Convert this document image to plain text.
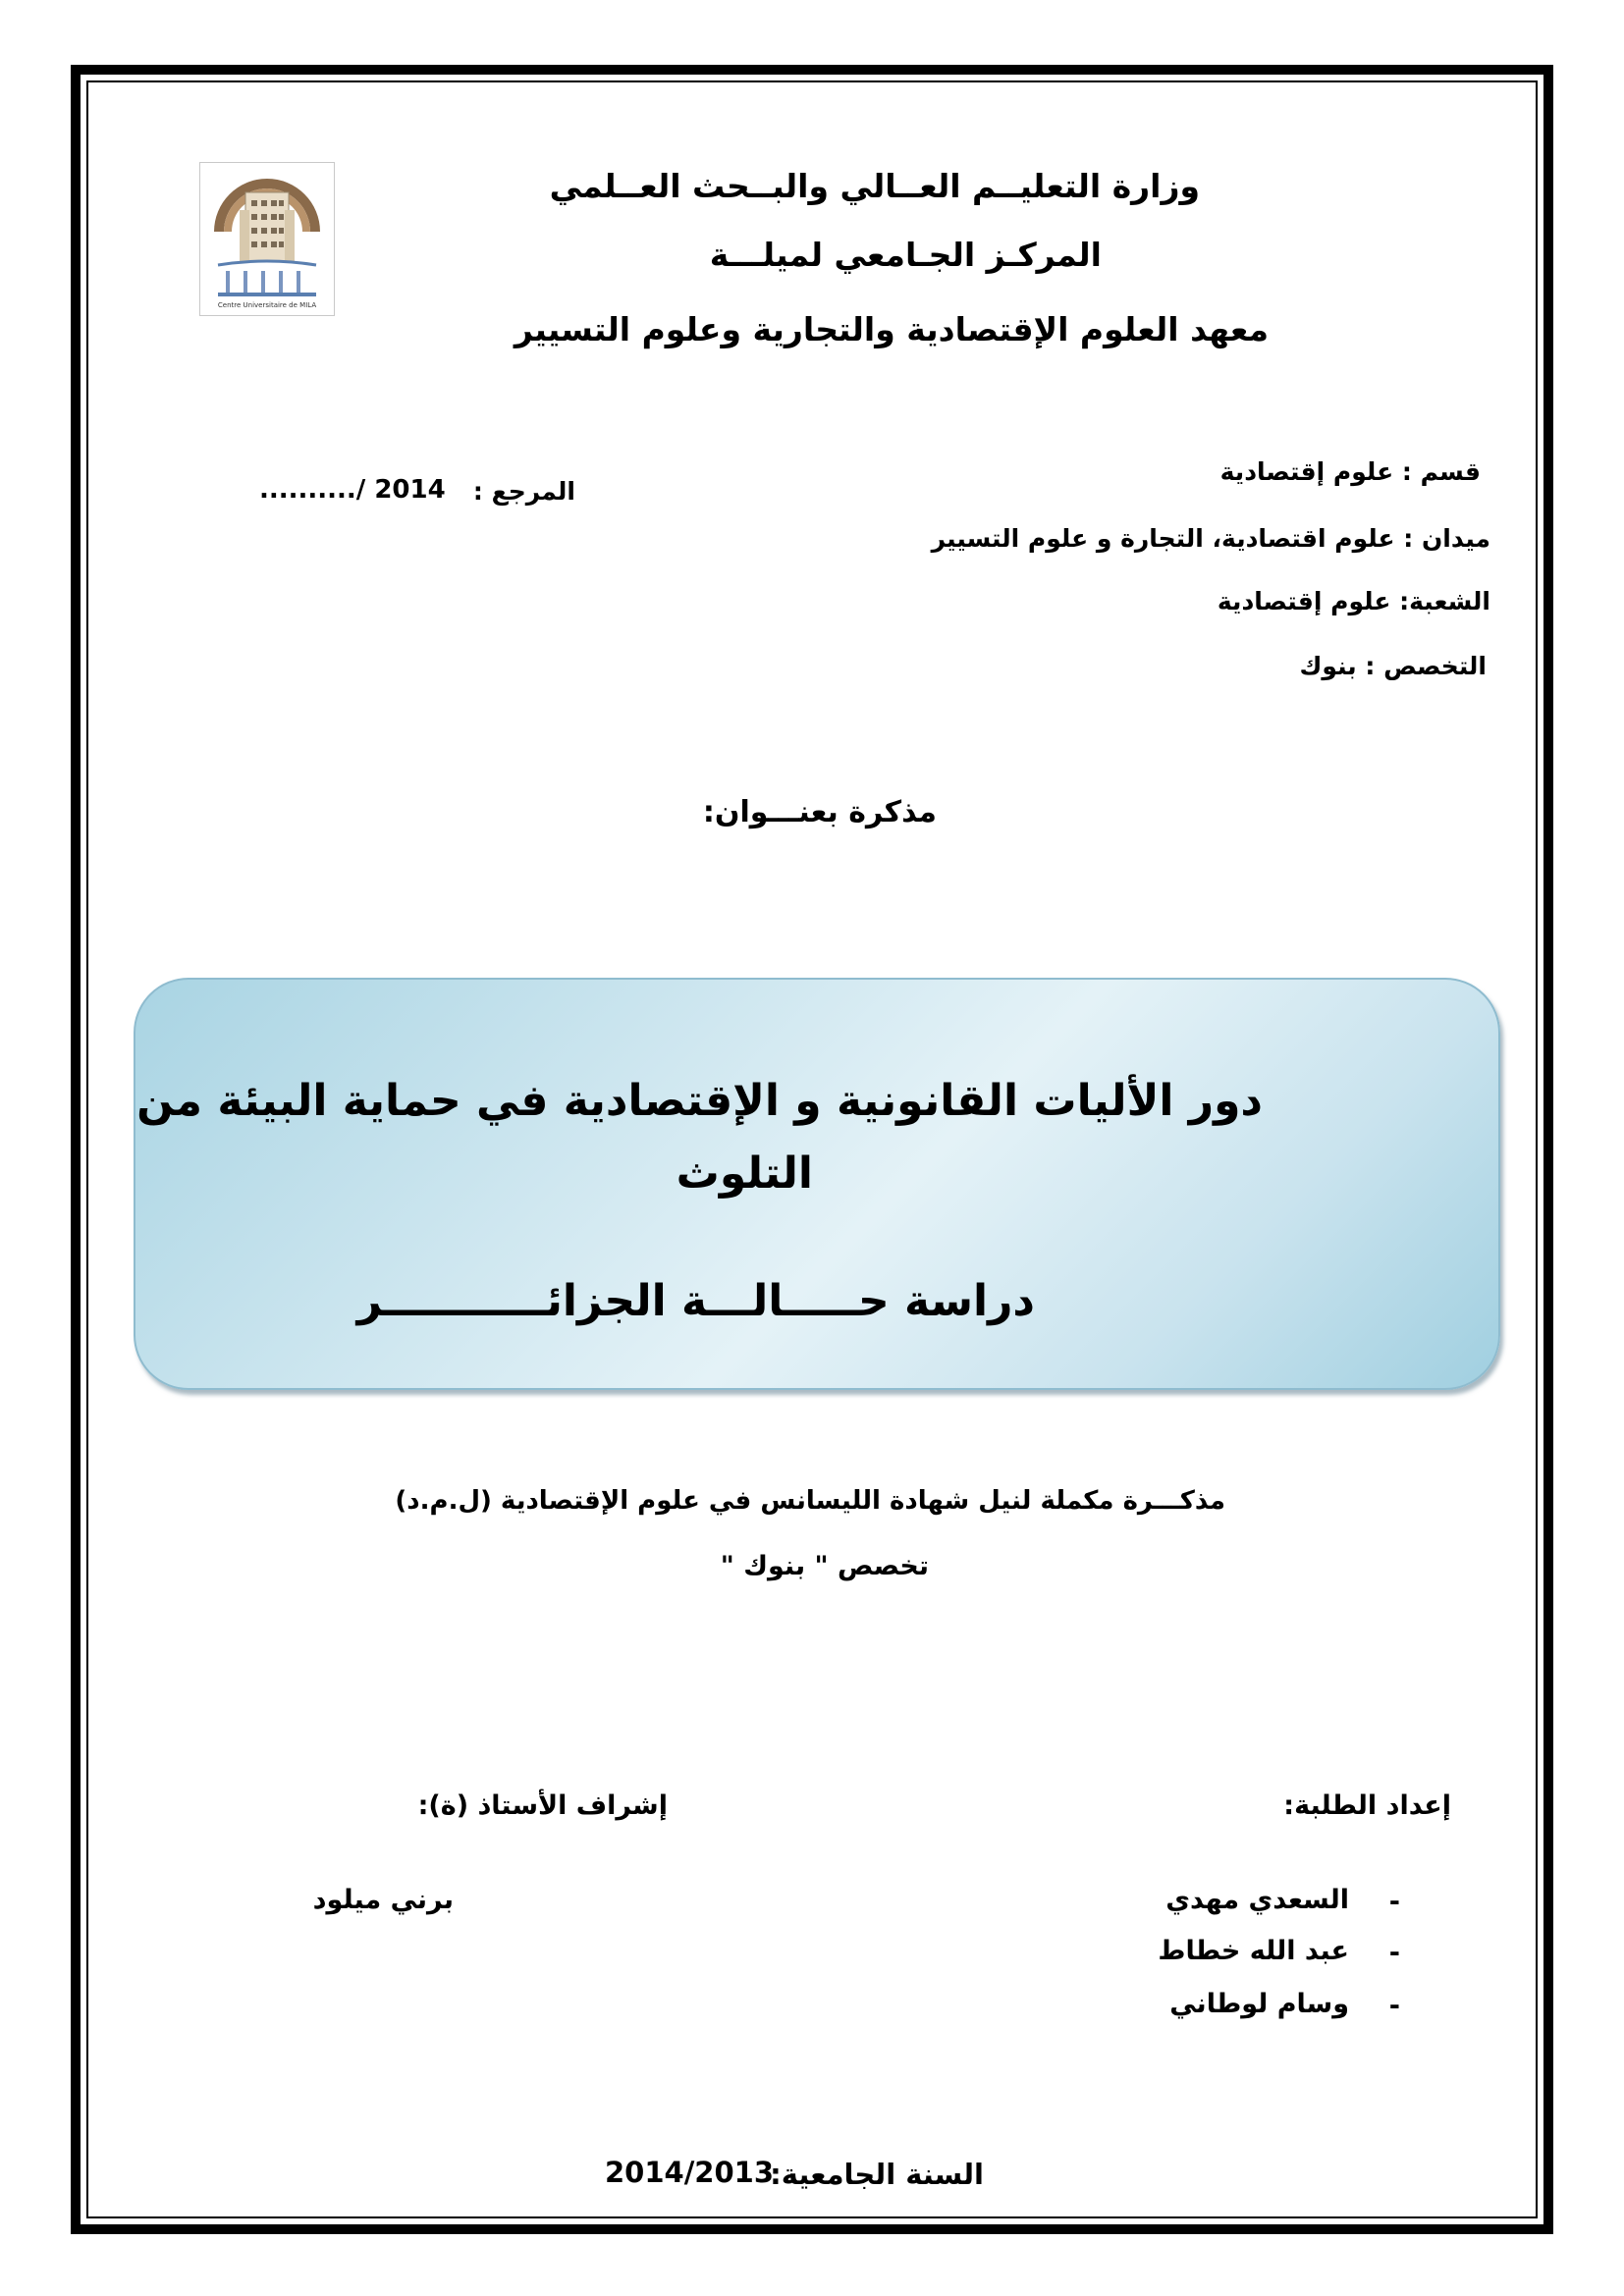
Centre Universitaire de MILA
وزارة التعليــم العــالي والبــحث العــلمي
المركـز الجـامعي لميلـــة
معهد العلوم الإقتصادية والتجارية وعلوم التسيير
قسم : علوم إقتصادية
ميدان : علوم اقتصادية، التجارة و علوم التسيير
الشعبة: علوم إقتصادية
التخصص : بنوك
المرجع :
........../ 2014
مذكرة بعنـــوان:
دور الأليات القانونية و الإقتصادية في حماية البيئة من
التلوث
دراسة حـــــالـــة الجزائـــــــــــر
مذكـــرة مكملة لنيل شهادة الليسانس في علوم الإقتصادية (ل.م.د)
تخصص " بنوك "
إعداد الطلبة:
إشراف الأستاذ (ة):
-
السعدي مهدي
-
عبد الله خطاط
-
وسام لوطاني
برني ميلود
السنة الجامعية:
2014/2013
